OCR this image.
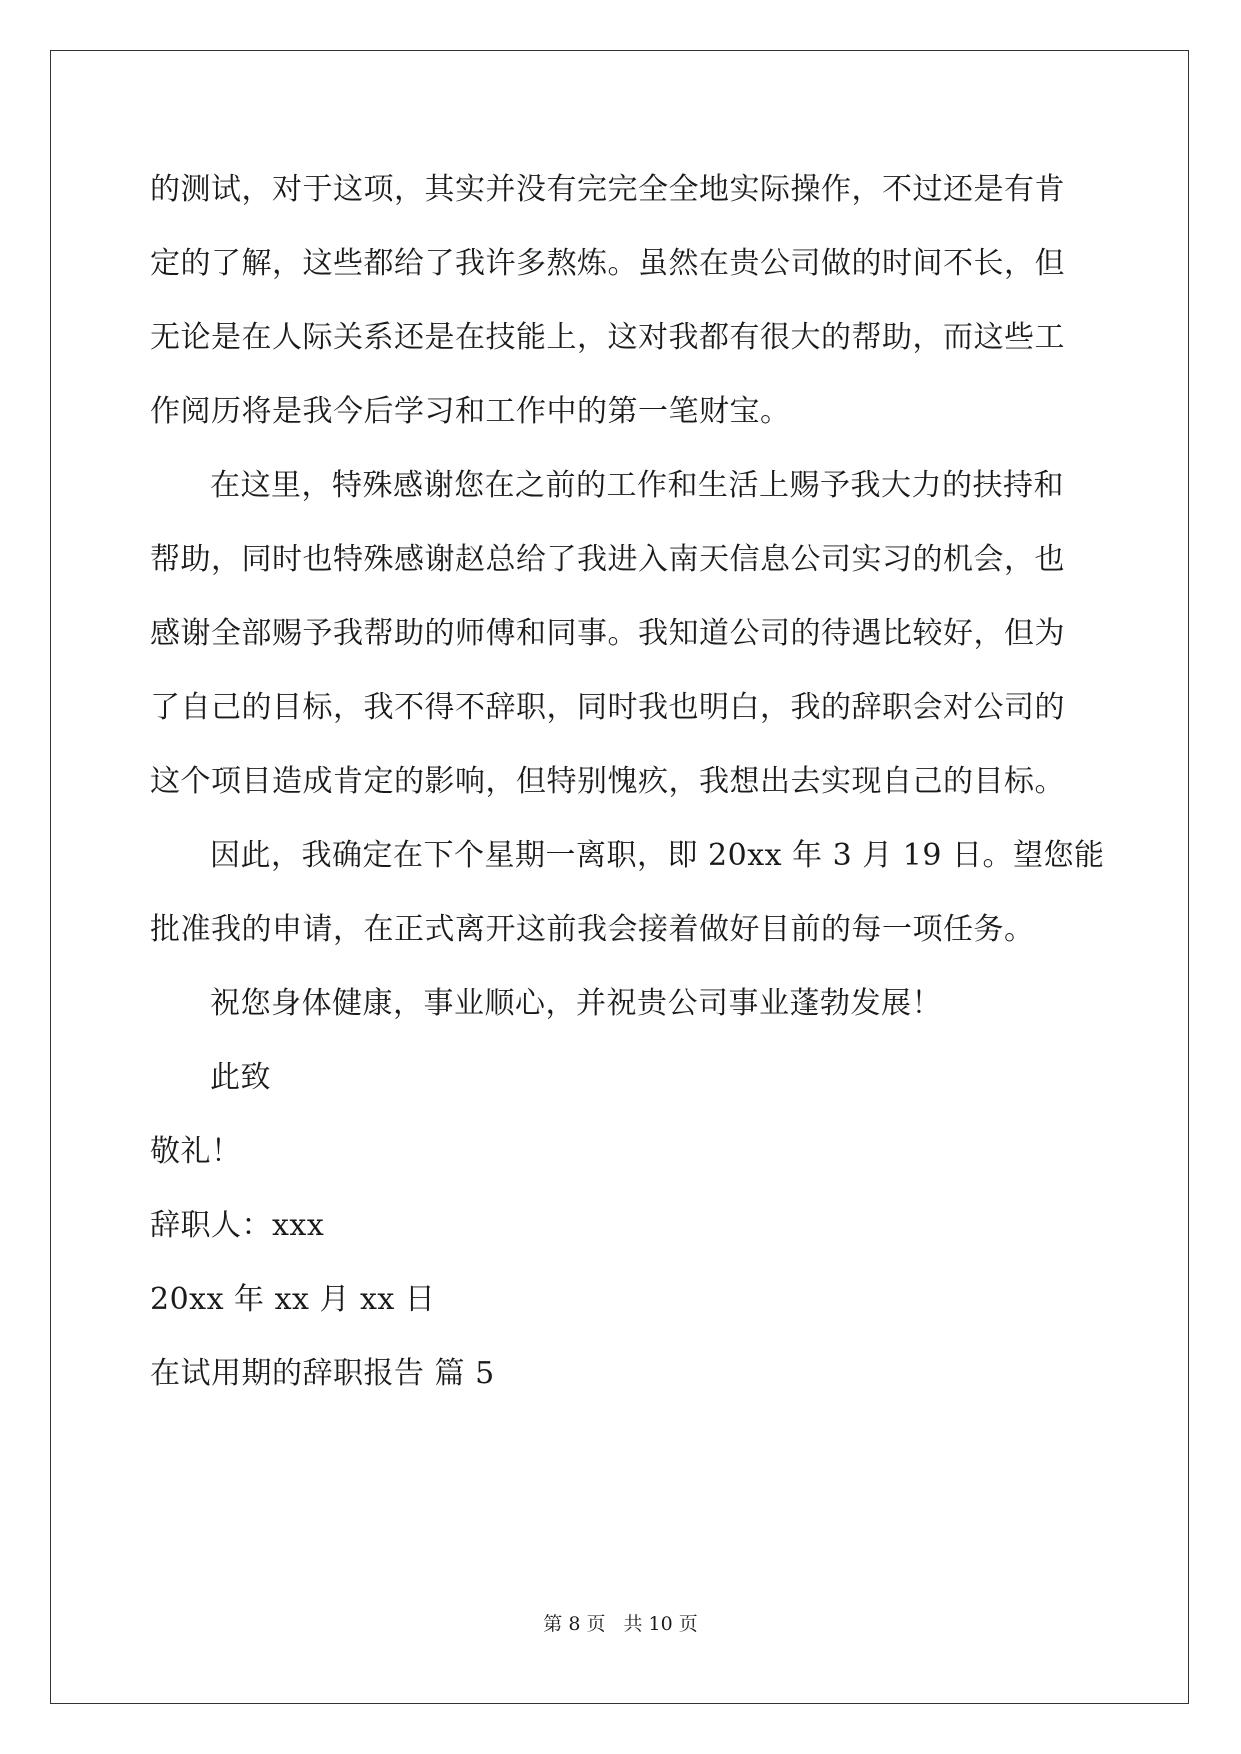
的测试，对于这项，其实并没有完完全全地实际操作，不过还是有肯
定的了解，这些都给了我许多熬炼。虽然在贵公司做的时间不长，但
无论是在人际关系还是在技能上，这对我都有很大的帮助，而这些工
作阅历将是我今后学习和工作中的第一笔财宝。
在这里，特殊感谢您在之前的工作和生活上赐予我大力的扶持和
帮助，同时也特殊感谢赵总给了我进入南天信息公司实习的机会，也
感谢全部赐予我帮助的师傅和同事。我知道公司的待遇比较好，但为
了自己的目标，我不得不辞职，同时我也明白，我的辞职会对公司的
这个项目造成肯定的影响，但特别愧疚，我想出去实现自己的目标。
因此，我确定在下个星期一离职，即 20xx 年 3 月 19 日。望您能
批准我的申请，在正式离开这前我会接着做好目前的每一项任务。
祝您身体健康，事业顺心，并祝贵公司事业蓬勃发展！
此致
敬礼！
辞职人：xxx
20xx 年 xx 月 xx 日
在试用期的辞职报告 篇 5
第 8 页 共 10 页
